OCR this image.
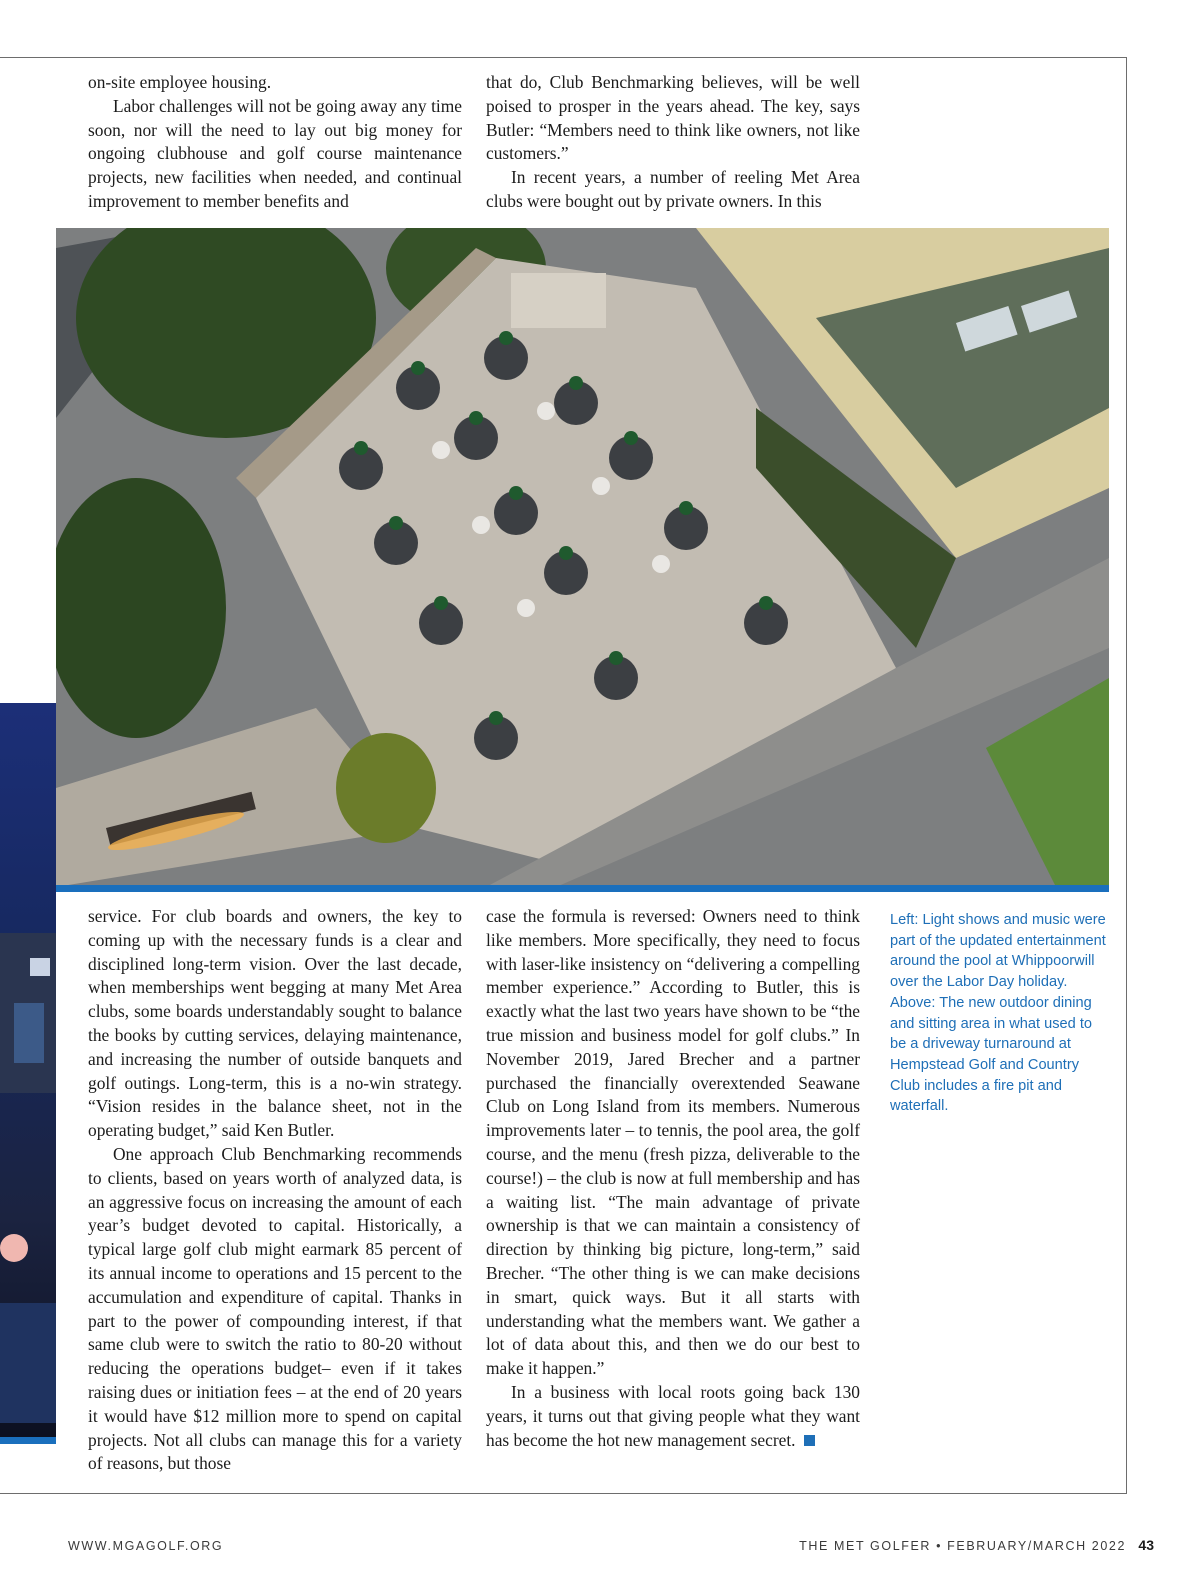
on-site employee housing.

Labor challenges will not be going away any time soon, nor will the need to lay out big money for ongoing clubhouse and golf course maintenance projects, new facilities when needed, and continual improvement to member benefits and

that do, Club Benchmarking believes, will be well poised to prosper in the years ahead. The key, says Butler: “Members need to think like owners, not like customers.”

In recent years, a number of reeling Met Area clubs were bought out by private owners. In this

service. For club boards and owners, the key to coming up with the necessary funds is a clear and disciplined long-term vision. Over the last decade, when memberships went begging at many Met Area clubs, some boards understandably sought to balance the books by cutting services, delaying maintenance, and increasing the number of outside banquets and golf outings. Long-term, this is a no-win strategy. “Vision resides in the balance sheet, not in the operating budget,” said Ken Butler.

One approach Club Benchmarking recommends to clients, based on years worth of analyzed data, is an aggressive focus on increasing the amount of each year’s budget devoted to capital. Historically, a typical large golf club might earmark 85 percent of its annual income to operations and 15 percent to the accumulation and expenditure of capital. Thanks in part to the power of compounding interest, if that same club were to switch the ratio to 80-20 without reducing the operations budget– even if it takes raising dues or initiation fees – at the end of 20 years it would have $12 million more to spend on capital projects. Not all clubs can manage this for a variety of reasons, but those

case the formula is reversed: Owners need to think like members. More specifically, they need to focus with laser-like insistency on “delivering a compelling member experience.” According to Butler, this is exactly what the last two years have shown to be “the true mission and business model for golf clubs.” In November 2019, Jared Brecher and a partner purchased the financially overextended Seawane Club on Long Island from its members. Numerous improvements later – to tennis, the pool area, the golf course, and the menu (fresh pizza, deliverable to the course!) – the club is now at full membership and has a waiting list. “The main advantage of private ownership is that we can maintain a consistency of direction by thinking big picture, long-term,” said Brecher. “The other thing is we can make decisions in smart, quick ways. But it all starts with understanding what the members want. We gather a lot of data about this, and then we do our best to make it happen.”

In a business with local roots going back 130 years, it turns out that giving people what they want has become the hot new management secret.

Left: Light shows and music were part of the updated entertainment around the pool at Whippoorwill over the Labor Day holiday. Above: The new outdoor dining and sitting area in what used to be a driveway turnaround at Hempstead Golf and Country Club includes a fire pit and waterfall.
WWW.MGAGOLF.ORG	THE MET GOLFER • FEBRUARY/MARCH 2022 43
